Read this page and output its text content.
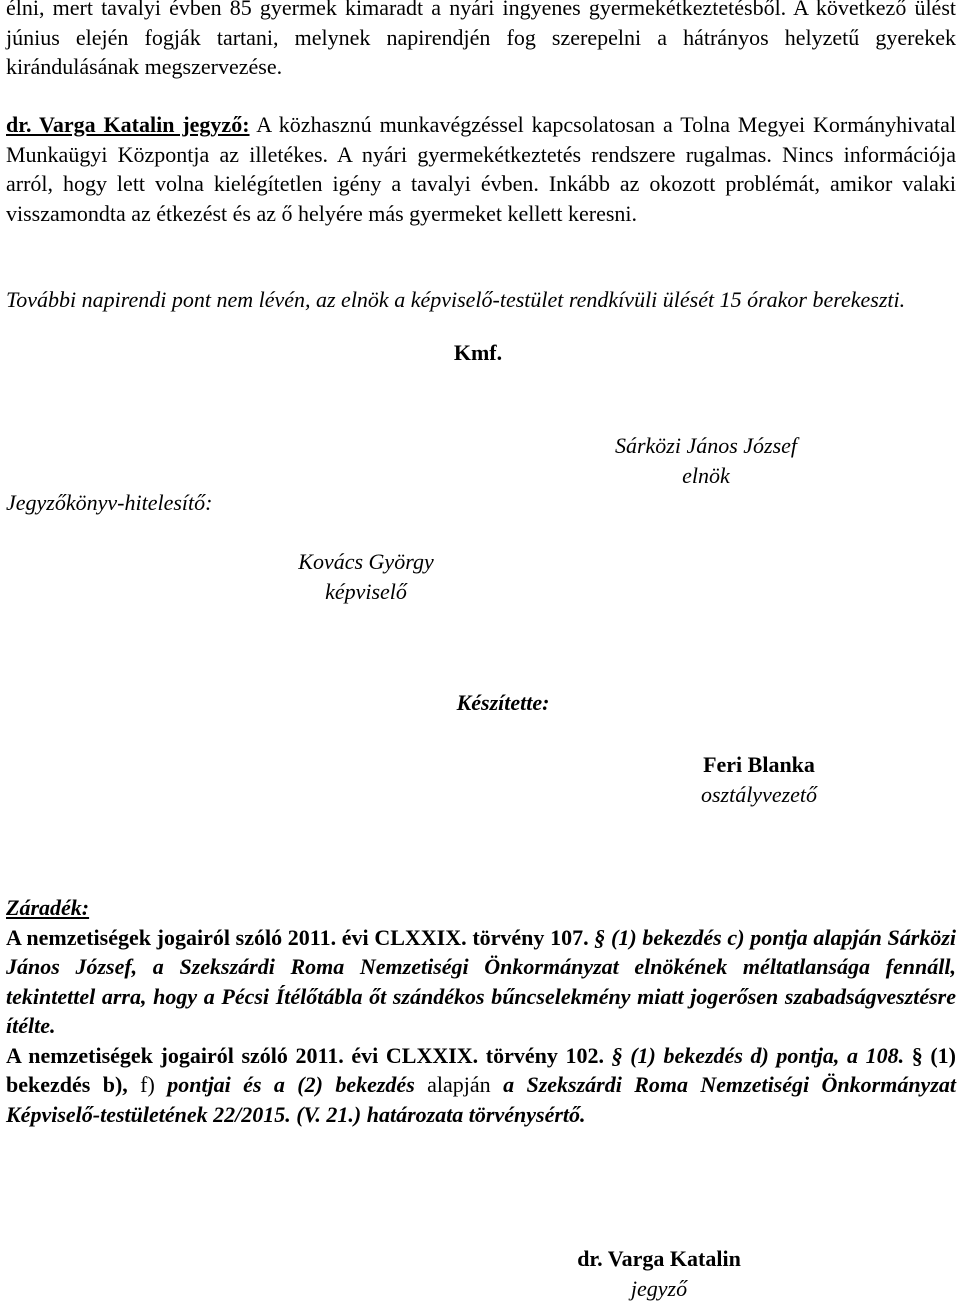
élni, mert tavalyi évben 85 gyermek kimaradt a nyári ingyenes gyermekétkeztetésből. A következő ülést június elején fogják tartani, melynek napirendjén fog szerepelni a hátrányos helyzetű gyerekek kirándulásának megszervezése.
dr. Varga Katalin jegyző: A közhasznú munkavégzéssel kapcsolatosan a Tolna Megyei Kormányhivatal Munkaügyi Központja az illetékes. A nyári gyermekétkeztetés rendszere rugalmas. Nincs információja arról, hogy lett volna kielégítetlen igény a tavalyi évben. Inkább az okozott problémát, amikor valaki visszamondta az étkezést és az ő helyére más gyermeket kellett keresni.
További napirendi pont nem lévén, az elnök a képviselő-testület rendkívüli ülését 15 órakor berekeszti.
Kmf.
Sárközi János József
elnök
Jegyzőkönyv-hitelesítő:
Kovács György
képviselő
Készítette:
Feri Blanka
osztályvezető
Záradék:
A nemzetiségek jogairól szóló 2011. évi CLXXIX. törvény 107. § (1) bekezdés c) pontja alapján Sárközi János József, a Szekszárdi Roma Nemzetiségi Önkormányzat elnökének méltatlansága fennáll, tekintettel arra, hogy a Pécsi Ítélőtábla őt szándékos bűncselekmény miatt jogerősen szabadságvesztésre ítélte.
A nemzetiségek jogairól szóló 2011. évi CLXXIX. törvény 102. § (1) bekezdés d) pontja, a 108. § (1) bekezdés b), f) pontjai és a (2) bekezdés alapján a Szekszárdi Roma Nemzetiségi Önkormányzat Képviselő-testületének 22/2015. (V. 21.) határozata törvénysértő.
dr. Varga Katalin
jegyző
